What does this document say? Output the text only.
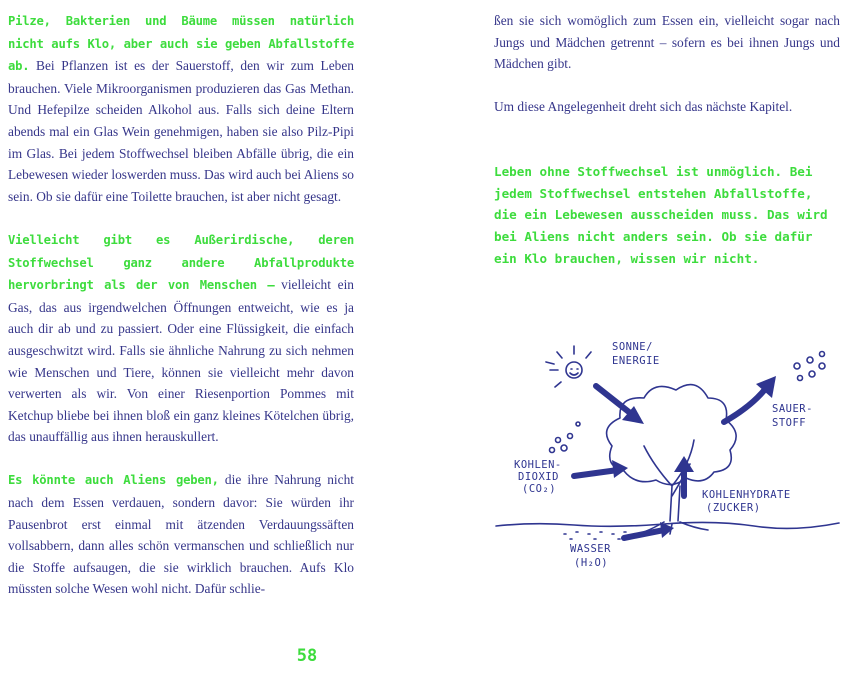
Pilze, Bakterien und Bäume müssen natürlich nicht aufs Klo, aber auch sie geben Abfallstoffe ab. Bei Pflanzen ist es der Sauerstoff, den wir zum Leben brauchen. Viele Mikroorganismen produzieren das Gas Methan. Und Hefepilze scheiden Alkohol aus. Falls sich deine Eltern abends mal ein Glas Wein genehmigen, haben sie also Pilz-Pipi im Glas. Bei jedem Stoffwechsel bleiben Abfälle übrig, die ein Lebewesen wieder loswerden muss. Das wird auch bei Aliens so sein. Ob sie dafür eine Toilette brauchen, ist aber nicht gesagt.

Vielleicht gibt es Außerirdische, deren Stoffwechsel ganz andere Abfallprodukte hervorbringt als der von Menschen – vielleicht ein Gas, das aus irgendwelchen Öffnungen entweicht, wie es ja auch dir ab und zu passiert. Oder eine Flüssigkeit, die einfach ausgeschwitzt wird. Falls sie ähnliche Nahrung zu sich nehmen wie Menschen und Tiere, können sie vielleicht mehr davon verwerten als wir. Von einer Riesenportion Pommes mit Ketchup bliebe bei ihnen bloß ein ganz kleines Kötelchen übrig, das unauffällig aus ihnen herauskullert.

Es könnte auch Aliens geben, die ihre Nahrung nicht nach dem Essen verdauen, sondern davor: Sie würden ihr Pausenbrot erst einmal mit ätzenden Verdauungssäften vollsabbern, dann alles schön vermanschen und schließlich nur die Stoffe aufsaugen, die sie wirklich brauchen. Aufs Klo müssten solche Wesen wohl nicht. Dafür schlie-

58

ßen sie sich womöglich zum Essen ein, vielleicht sogar nach Jungs und Mädchen getrennt – sofern es bei ihnen Jungs und Mädchen gibt.

Um diese Angelegenheit dreht sich das nächste Kapitel.

Leben ohne Stoffwechsel ist unmöglich. Bei jedem Stoffwechsel entstehen Abfallstoffe, die ein Lebewesen ausscheiden muss. Das wird bei Aliens nicht anders sein. Ob sie dafür ein Klo brauchen, wissen wir nicht.

SONNE/
ENERGIE
SAUER-
STOFF
KOHLEN-
DIOXID
(CO₂)	KOHLENHYDRATE
(ZUCKER)
WASSER
(H₂O)
